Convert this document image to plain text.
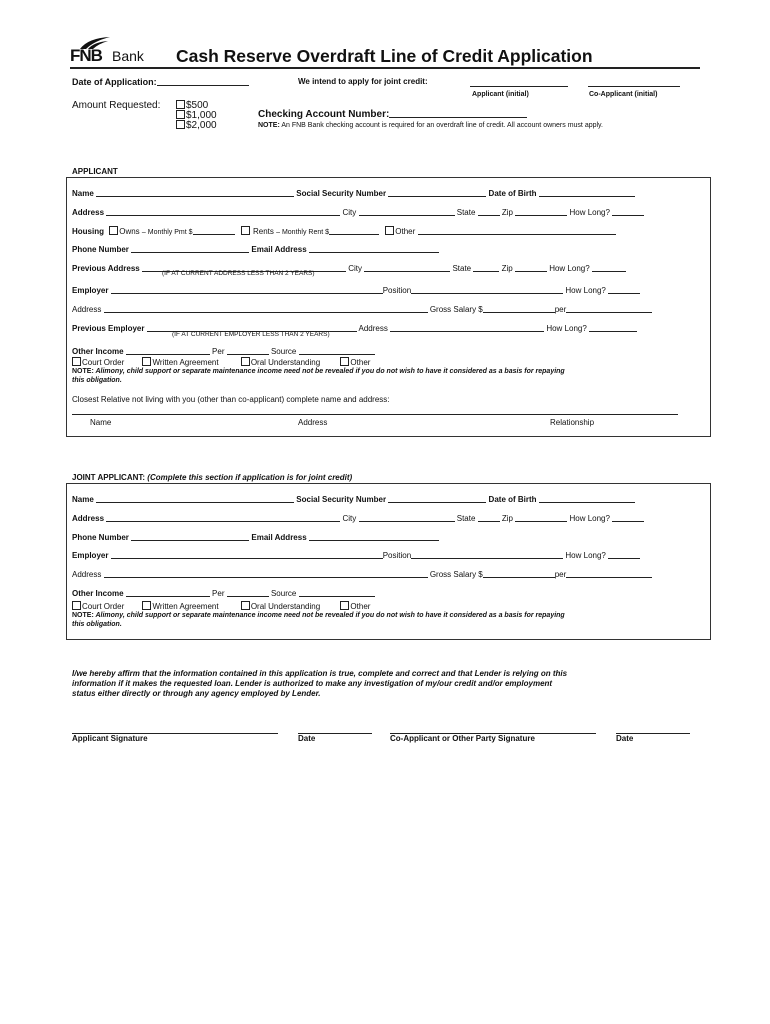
FNB Bank Cash Reserve Overdraft Line of Credit Application
Date of Application:	We intend to apply for joint credit:
Applicant (initial)	Co-Applicant (initial)
Amount Requested:	$500
$1,000
$2,000
Checking Account Number:
NOTE: An FNB Bank checking account is required for an overdraft line of credit. All account owners must apply.
APPLICANT
Name	Social Security Number	Date of Birth
Address	City	State	Zip	How Long?
Housing Owns – Monthly Pmt $	Rents – Monthly Rent $	Other
Phone Number	Email Address
Previous Address	City	State	Zip	How Long?
(IF AT CURRENT ADDRESS LESS THAN 2 YEARS)
Employer	Position	How Long?
Address	Gross Salary $	per
Previous Employer	Address	How Long?
(IF AT CURRENT EMPLOYER LESS THAN 2 YEARS)
Other Income	Per	Source
Court Order	Written Agreement	Oral Understanding	Other
NOTE: Alimony, child support or separate maintenance income need not be revealed if you do not wish to have it considered as a basis for repaying
this obligation.
Closest Relative not living with you (other than co-applicant) complete name and address:
Name	Address	Relationship
JOINT APPLICANT: (Complete this section if application is for joint credit)
Name	Social Security Number	Date of Birth
Address	City	State	Zip	How Long?
Phone Number	Email Address
Employer	Position	How Long?
Address	Gross Salary $	per
Other Income	Per	Source
Court Order	Written Agreement	Oral Understanding	Other
NOTE: Alimony, child support or separate maintenance income need not be revealed if you do not wish to have it considered as a basis for repaying
this obligation.
I/we hereby affirm that the information contained in this application is true, complete and correct and that Lender is relying on this
information if it makes the requested loan. Lender is authorized to make any investigation of my/our credit and/or employment
status either directly or through any agency employed by Lender.
Applicant Signature	Date	Co-Applicant or Other Party Signature	Date
